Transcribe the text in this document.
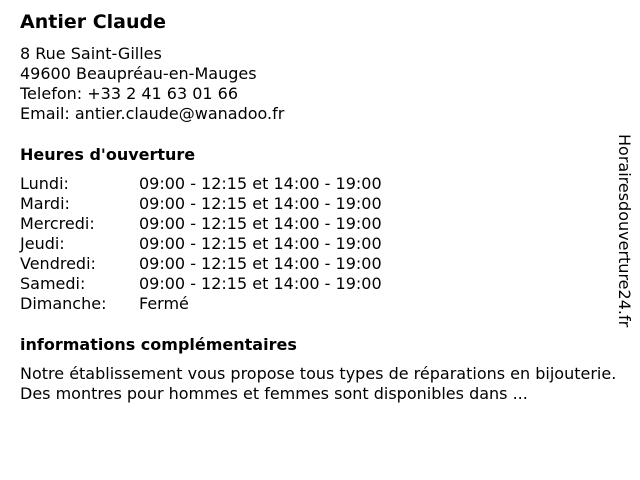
Antier Claude
8 Rue Saint-Gilles
49600 Beaupréau-en-Mauges
Telefon: +33 2 41 63 01 66
Email: antier.claude@wanadoo.fr
Heures d'ouverture
Lundi:	09:00 - 12:15 et 14:00 - 19:00
Mardi:	09:00 - 12:15 et 14:00 - 19:00
Mercredi:	09:00 - 12:15 et 14:00 - 19:00
Jeudi:	09:00 - 12:15 et 14:00 - 19:00
Vendredi:	09:00 - 12:15 et 14:00 - 19:00
Samedi:	09:00 - 12:15 et 14:00 - 19:00
Dimanche:	Fermé
informations complémentaires
Notre établissement vous propose tous types de réparations en bijouterie. Des montres pour hommes et femmes sont disponibles dans ...
Horairesdouverture24.fr
